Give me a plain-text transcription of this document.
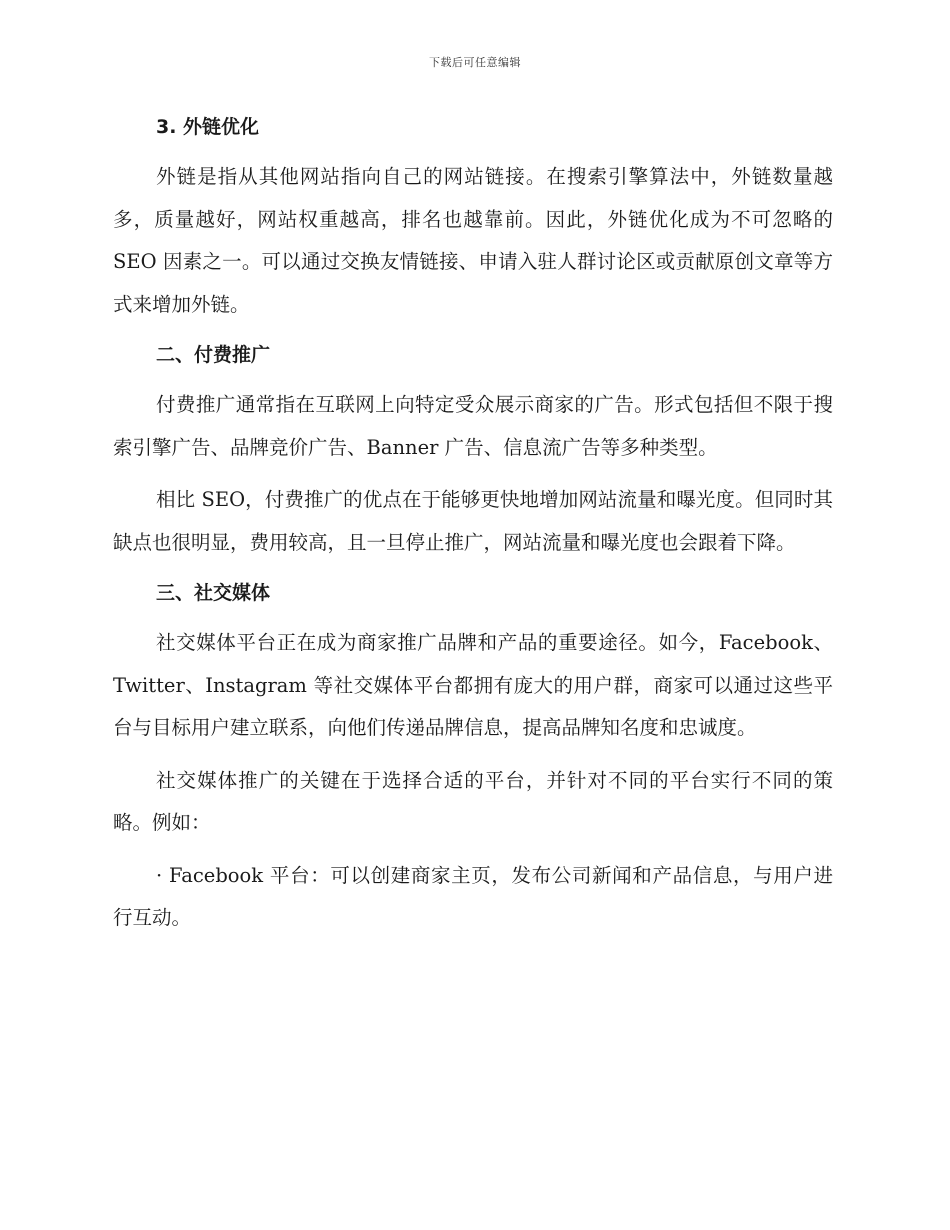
下载后可任意编辑
3. 外链优化

外链是指从其他网站指向自己的网站链接。在搜索引擎算法中，外链数量越多，质量越好，网站权重越高，排名也越靠前。因此，外链优化成为不可忽略的 SEO 因素之一。可以通过交换友情链接、申请入驻人群讨论区或贡献原创文章等方式来增加外链。

二、付费推广

付费推广通常指在互联网上向特定受众展示商家的广告。形式包括但不限于搜索引擎广告、品牌竞价广告、Banner 广告、信息流广告等多种类型。

相比 SEO，付费推广的优点在于能够更快地增加网站流量和曝光度。但同时其缺点也很明显，费用较高，且一旦停止推广，网站流量和曝光度也会跟着下降。

三、社交媒体

社交媒体平台正在成为商家推广品牌和产品的重要途径。如今，Facebook、Twitter、Instagram 等社交媒体平台都拥有庞大的用户群，商家可以通过这些平台与目标用户建立联系，向他们传递品牌信息，提高品牌知名度和忠诚度。

社交媒体推广的关键在于选择合适的平台，并针对不同的平台实行不同的策略。例如：

· Facebook 平台：可以创建商家主页，发布公司新闻和产品信息，与用户进行互动。
